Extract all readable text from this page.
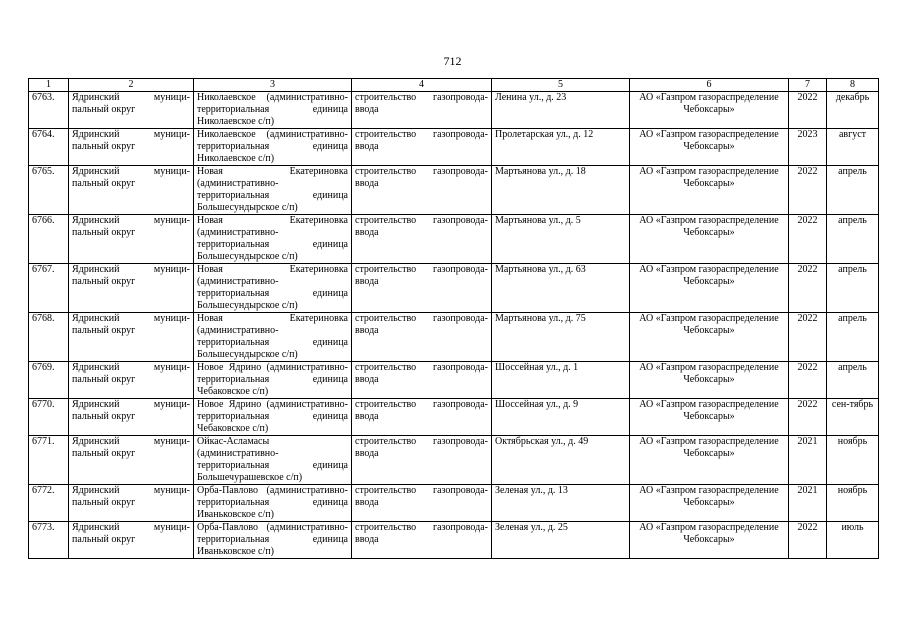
712
1	2	3	4	5	6	7	8
6763.	Ядринский муници-пальный округ	Николаевское (административно-территориальная единица Николаевское с/п)	строительство газопровода-ввода	Ленина ул., д. 23	АО «Газпром газораспределение Чебоксары»	2022	декабрь
6764.	Ядринский муници-пальный округ	Николаевское (административно-территориальная единица Николаевское с/п)	строительство газопровода-ввода	Пролетарская ул., д. 12	АО «Газпром газораспределение Чебоксары»	2023	август
6765.	Ядринский муници-пальный округ	Новая Екатериновка (административно-территориальная единица Большесундырское с/п)	строительство газопровода-ввода	Мартьянова ул., д. 18	АО «Газпром газораспределение Чебоксары»	2022	апрель
6766.	Ядринский муници-пальный округ	Новая Екатериновка (административно-территориальная единица Большесундырское с/п)	строительство газопровода-ввода	Мартьянова ул., д. 5	АО «Газпром газораспределение Чебоксары»	2022	апрель
6767.	Ядринский муници-пальный округ	Новая Екатериновка (административно-территориальная единица Большесундырское с/п)	строительство газопровода-ввода	Мартьянова ул., д. 63	АО «Газпром газораспределение Чебоксары»	2022	апрель
6768.	Ядринский муници-пальный округ	Новая Екатериновка (административно-территориальная единица Большесундырское с/п)	строительство газопровода-ввода	Мартьянова ул., д. 75	АО «Газпром газораспределение Чебоксары»	2022	апрель
6769.	Ядринский муници-пальный округ	Новое Ядрино (административно-территориальная единица Чебаковское с/п)	строительство газопровода-ввода	Шоссейная ул., д. 1	АО «Газпром газораспределение Чебоксары»	2022	апрель
6770.	Ядринский муници-пальный округ	Новое Ядрино (административно-территориальная единица Чебаковское с/п)	строительство газопровода-ввода	Шоссейная ул., д. 9	АО «Газпром газораспределение Чебоксары»	2022	сен-тябрь
6771.	Ядринский муници-пальный округ	Ойкас-Асламасы (административно-территориальная единица Большечурашевское с/п)	строительство газопровода-ввода	Октябрьская ул., д. 49	АО «Газпром газораспределение Чебоксары»	2021	ноябрь
6772.	Ядринский муници-пальный округ	Орба-Павлово (административно-территориальная единица Иваньковское с/п)	строительство газопровода-ввода	Зеленая ул., д. 13	АО «Газпром газораспределение Чебоксары»	2021	ноябрь
6773.	Ядринский муници-пальный округ	Орба-Павлово (административно-территориальная единица Иваньковское с/п)	строительство газопровода-ввода	Зеленая ул., д. 25	АО «Газпром газораспределение Чебоксары»	2022	июль
